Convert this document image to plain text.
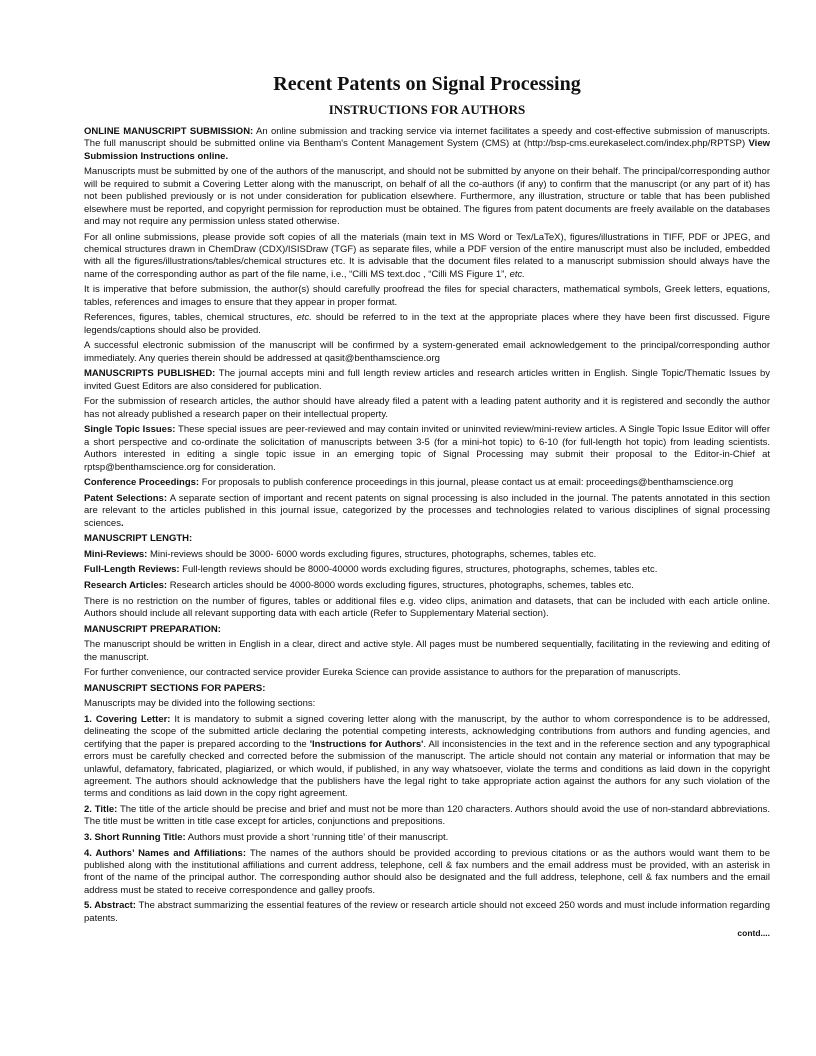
Recent Patents on Signal Processing
INSTRUCTIONS FOR AUTHORS

ONLINE MANUSCRIPT SUBMISSION: An online submission and tracking service via internet facilitates a speedy and cost-effective submission of manuscripts. The full manuscript should be submitted online via Bentham's Content Management System (CMS) at (http://bsp-cms.eurekaselect.com/index.php/RPTSP) View Submission Instructions online.

Manuscripts must be submitted by one of the authors of the manuscript, and should not be submitted by anyone on their behalf. The principal/corresponding author will be required to submit a Covering Letter along with the manuscript, on behalf of all the co-authors (if any) to confirm that the manuscript (or any part of it) has not been published previously or is not under consideration for publication elsewhere. Furthermore, any illustration, structure or table that has been published elsewhere must be reported, and copyright permission for reproduction must be obtained. The figures from patent documents are freely available on the databases and may not require any permission unless stated otherwise.

For all online submissions, please provide soft copies of all the materials (main text in MS Word or Tex/LaTeX), figures/illustrations in TIFF, PDF or JPEG, and chemical structures drawn in ChemDraw (CDX)/ISISDraw (TGF) as separate files, while a PDF version of the entire manuscript must also be included, embedded with all the figures/illustrations/tables/chemical structures etc. It is advisable that the document files related to a manuscript submission should always have the name of the corresponding author as part of the file name, i.e., “Cilli MS text.doc , “Cilli MS Figure 1”, etc.

It is imperative that before submission, the author(s) should carefully proofread the files for special characters, mathematical symbols, Greek letters, equations, tables, references and images to ensure that they appear in proper format.

References, figures, tables, chemical structures, etc. should be referred to in the text at the appropriate places where they have been first discussed. Figure legends/captions should also be provided.

A successful electronic submission of the manuscript will be confirmed by a system-generated email acknowledgement to the principal/corresponding author immediately. Any queries therein should be addressed at qasit@benthamscience.org

MANUSCRIPTS PUBLISHED: The journal accepts mini and full length review articles and research articles written in English. Single Topic/Thematic Issues by invited Guest Editors are also considered for publication.

For the submission of research articles, the author should have already filed a patent with a leading patent authority and it is registered and secondly the author has not already published a research paper on their intellectual property.

Single Topic Issues: These special issues are peer-reviewed and may contain invited or uninvited review/mini-review articles. A Single Topic Issue Editor will offer a short perspective and co-ordinate the solicitation of manuscripts between 3-5 (for a mini-hot topic) to 6-10 (for full-length hot topic) from leading scientists. Authors interested in editing a single topic issue in an emerging topic of Signal Processing may submit their proposal to the Editor-in-Chief at rptsp@benthamscience.org for consideration.

Conference Proceedings: For proposals to publish conference proceedings in this journal, please contact us at email: proceedings@benthamscience.org

Patent Selections: A separate section of important and recent patents on signal processing is also included in the journal. The patents annotated in this section are relevant to the articles published in this journal issue, categorized by the processes and technologies related to various disciplines of signal processing sciences.

MANUSCRIPT LENGTH:

Mini-Reviews: Mini-reviews should be 3000- 6000 words excluding figures, structures, photographs, schemes, tables etc.

Full-Length Reviews: Full-length reviews should be 8000-40000 words excluding figures, structures, photographs, schemes, tables etc.

Research Articles: Research articles should be 4000-8000 words excluding figures, structures, photographs, schemes, tables etc.

There is no restriction on the number of figures, tables or additional files e.g. video clips, animation and datasets, that can be included with each article online. Authors should include all relevant supporting data with each article (Refer to Supplementary Material section).

MANUSCRIPT PREPARATION:

The manuscript should be written in English in a clear, direct and active style. All pages must be numbered sequentially, facilitating in the reviewing and editing of the manuscript.

For further convenience, our contracted service provider Eureka Science can provide assistance to authors for the preparation of manuscripts.

MANUSCRIPT SECTIONS FOR PAPERS:

Manuscripts may be divided into the following sections:

1. Covering Letter: It is mandatory to submit a signed covering letter along with the manuscript, by the author to whom correspondence is to be addressed, delineating the scope of the submitted article declaring the potential competing interests, acknowledging contributions from authors and funding agencies, and certifying that the paper is prepared according to the 'Instructions for Authors'. All inconsistencies in the text and in the reference section and any typographical errors must be carefully checked and corrected before the submission of the manuscript. The article should not contain any material or information that may be unlawful, defamatory, fabricated, plagiarized, or which would, if published, in any way whatsoever, violate the terms and conditions as laid down in the copyright agreement. The authors should acknowledge that the publishers have the legal right to take appropriate action against the authors for any such violation of the terms and conditions as laid down in the copy right agreement.

2. Title: The title of the article should be precise and brief and must not be more than 120 characters. Authors should avoid the use of non-standard abbreviations. The title must be written in title case except for articles, conjunctions and prepositions.

3. Short Running Title: Authors must provide a short ‘running title’ of their manuscript.

4. Authors’ Names and Affiliations: The names of the authors should be provided according to previous citations or as the authors would want them to be published along with the institutional affiliations and current address, telephone, cell & fax numbers and the email address must be provided, with an asterisk in front of the name of the principal author. The corresponding author should also be designated and the full address, telephone, cell & fax numbers and the email address must be stated to receive correspondence and galley proofs.

5. Abstract: The abstract summarizing the essential features of the review or research article should not exceed 250 words and must include information regarding patents.

contd....
